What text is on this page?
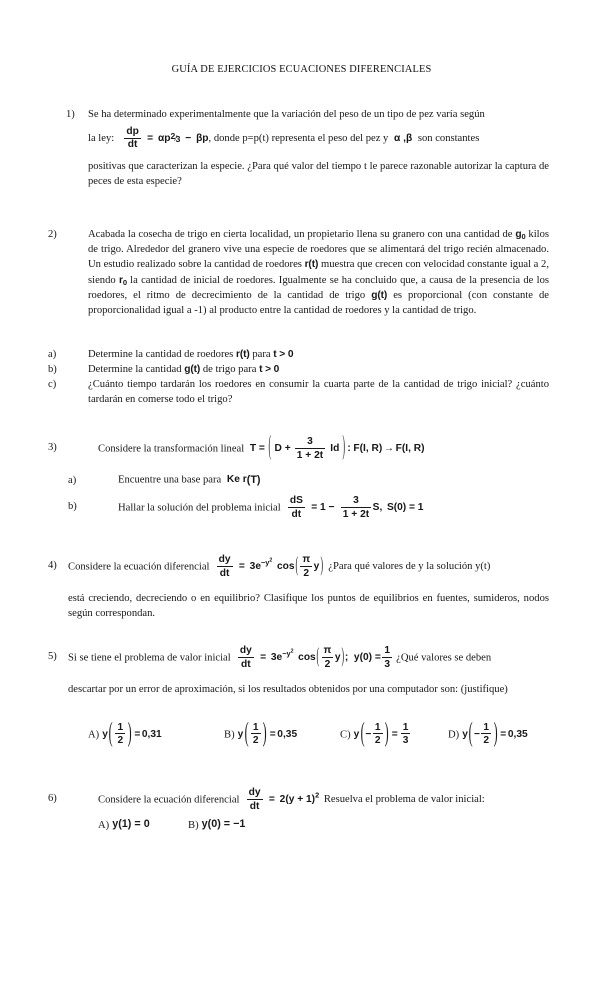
GUÍA DE EJERCICIOS ECUACIONES DIFERENCIALES
1) Se ha determinado experimentalmente que la variación del peso de un tipo de pez varía según
la ley: $\frac{dp}{dt}$ = αp2⁄3 − βp, donde p=p(t) representa el peso del pez y α ,β son constantes
positivas que caracterizan la especie. ¿Para qué valor del tiempo t le parece razonable autorizar la captura de peces de esta especie?
2)	Acabada la cosecha de trigo en cierta localidad, un propietario llena su granero con una cantidad de $g_0$ kilos de trigo. Alrededor del granero vive una especie de roedores que se alimentará del trigo recién almacenado. Un estudio realizado sobre la cantidad de roedores r(t) muestra que crecen con velocidad constante igual a 2, siendo $r_0$ la cantidad de inicial de roedores. Igualmente se ha concluido que, a causa de la presencia de los roedores, el ritmo de decrecimiento de la cantidad de trigo g(t) es proporcional (con constante de proporcionalidad igual a -1) al producto entre la cantidad de roedores y la cantidad de trigo.
a)	Determine la cantidad de roedores r(t) para t > 0
b)	Determine la cantidad g(t) de trigo para t > 0
c)	¿Cuánto tiempo tardarán los roedores en consumir la cuarta parte de la cantidad de trigo inicial? ¿cuánto tardarán en comerse todo el trigo?
3)	Considere la transformación lineal T = ( $D + \frac{3}{1 + 2t}$ Id ) : F(I, R) → F(I, R)
a)	Encuentre una base para Ke r(T)
b)	Hallar la solución del problema inicial $\frac{dS}{dt} = 1 - \frac{3}{1 + 2t} S$, S(0) = 1
4) Considere la ecuación diferencial $\frac{dy}{dt} = 3e^{-y^2}$ $\cos( \frac{\pi}{2} y)$ ¿Para qué valores de y la solución y(t)
está creciendo, decreciendo o en equilibrio? Clasifique los puntos de equilibrios en fuentes, sumideros, nodos según correspondan.
5) Si se tiene el problema de valor inicial $\frac{dy}{dt} = 3e^{-y^2}$ $\cos( \frac{\pi}{2} y)$; $y(0) = \frac{1}{3}$ ¿Qué valores se deben
descartar por un error de aproximación, si los resultados obtenidos por una computador son: (justifique)
A) $y( \frac{1}{2}$ ) = 0,31	B) $y( \frac{1}{2}$ ) = 0,35	C) $y(- \frac{1}{2}$ ) = $\frac{1}{3}$	D) $y(- \frac{1}{2}$ ) = 0,35
6)	Considere la ecuación diferencial $\frac{dy}{dt} = 2(y + 1)^2$ Resuelva el problema de valor inicial:
A) y(1) = 0	B) y(0) = −1
